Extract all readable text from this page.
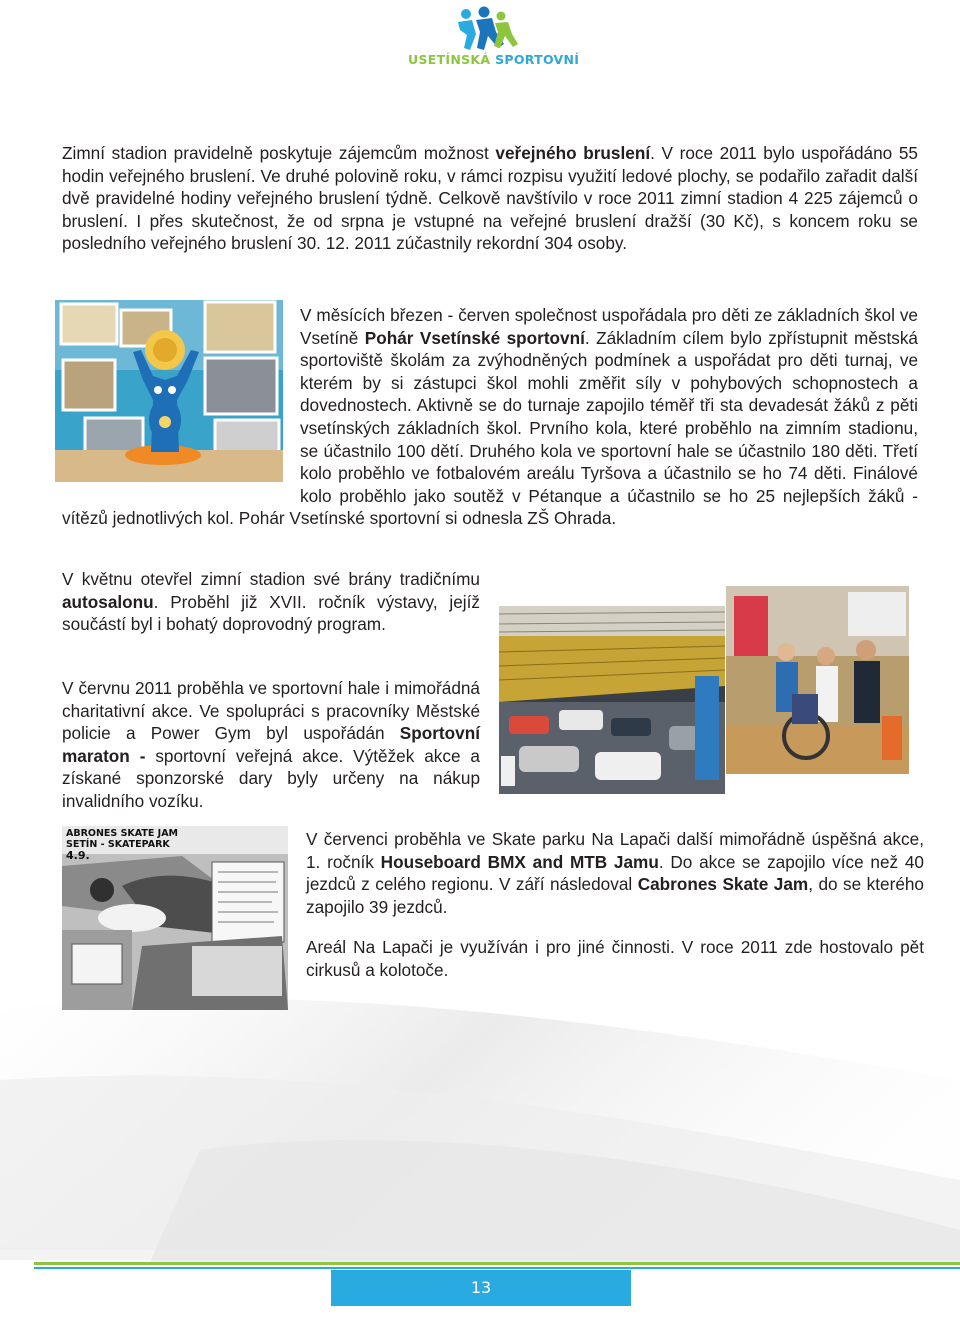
USETÍNSKÁ SPORTOVNÍ

Zimní stadion pravidelně poskytuje zájemcům možnost veřejného bruslení. V roce 2011 bylo uspořádáno 55 hodin veřejného bruslení. Ve druhé polovině roku, v rámci rozpisu využití ledové plochy, se podařilo zařadit další dvě pravidelné hodiny veřejného bruslení týdně. Celkově navštívilo v roce 2011 zimní stadion 4 225 zájemců o bruslení. I přes skutečnost, že od srpna je vstupné na veřejné bruslení dražší (30 Kč), s koncem roku se posledního veřejného bruslení 30. 12. 2011 zúčastnily rekordní 304 osoby.

V měsících březen - červen společnost uspořádala pro děti ze základních škol ve Vsetíně Pohár Vsetínské sportovní. Základním cílem bylo zpřístupnit městská sportoviště školám za zvýhodněných podmínek a uspořádat pro děti turnaj, ve kterém by si zástupci škol mohli změřit síly v pohybových schopnostech a dovednostech. Aktivně se do turnaje zapojilo téměř tři sta devadesát žáků z pěti vsetínských základních škol. Prvního kola, které proběhlo na zimním stadionu, se účastnilo 100 dětí. Druhého kola ve sportovní hale se účastnilo 180 děti. Třetí kolo proběhlo ve fotbalovém areálu Tyršova a účastnilo se ho 74 děti. Finálové kolo proběhlo jako soutěž v Pétanque a účastnilo se ho 25 nejlepších žáků - vítězů jednotlivých kol. Pohár Vsetínské sportovní si odnesla ZŠ Ohrada.

V květnu otevřel zimní stadion své brány tradičnímu autosalonu. Proběhl již XVII. ročník výstavy, jejíž součástí byl i bohatý doprovodný program.

V červnu 2011 proběhla ve sportovní hale i mimořádná charitativní akce. Ve spolupráci s pracovníky Městské policie a Power Gym byl uspořádán Sportovní maraton - sportovní veřejná akce. Výtěžek akce a získané sponzorské dary byly určeny na nákup invalidního vozíku.

ABRONES SKATE JAM
SETÍN - SKATEPARK
4.9.

V červenci proběhla ve Skate parku Na Lapači další mimořádně úspěšná akce, 1. ročník Houseboard BMX and MTB Jamu. Do akce se zapojilo více než 40 jezdců z celého regionu. V září následoval Cabrones Skate Jam, do se kterého zapojilo 39 jezdců.

Areál Na Lapači je využíván i pro jiné činnosti. V roce 2011 zde hostovalo pět cirkusů a kolotoče.

13
